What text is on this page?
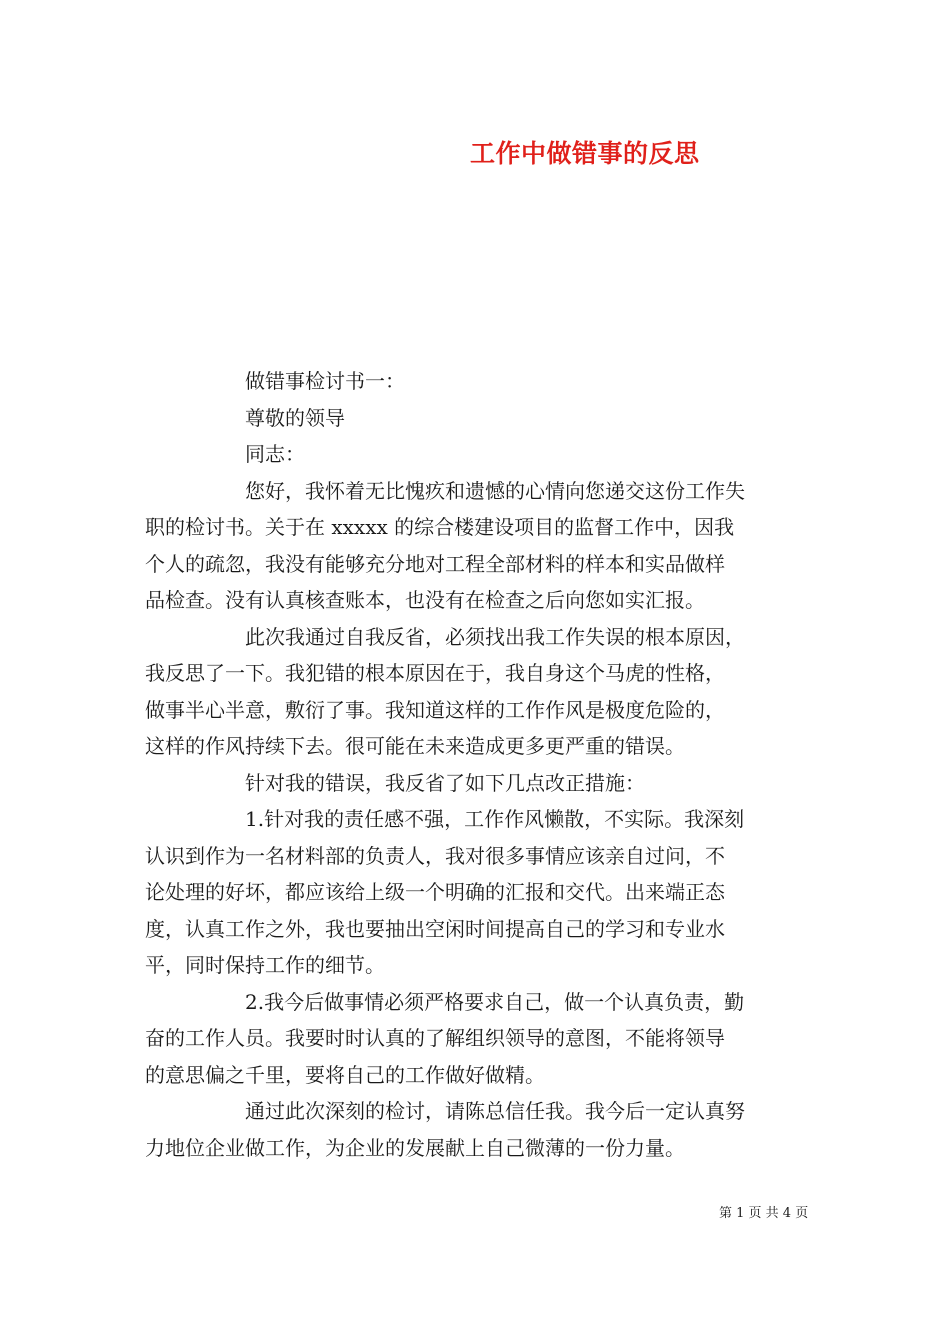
工作中做错事的反思
做错事检讨书一：
尊敬的领导
同志：
您好，我怀着无比愧疚和遗憾的心情向您递交这份工作失
职的检讨书。关于在 xxxxx 的综合楼建设项目的监督工作中，因我
个人的疏忽，我没有能够充分地对工程全部材料的样本和实品做样
品检查。没有认真核查账本，也没有在检查之后向您如实汇报。
此次我通过自我反省，必须找出我工作失误的根本原因，
我反思了一下。我犯错的根本原因在于，我自身这个马虎的性格，
做事半心半意，敷衍了事。我知道这样的工作作风是极度危险的，
这样的作风持续下去。很可能在未来造成更多更严重的错误。
针对我的错误，我反省了如下几点改正措施：
1.针对我的责任感不强，工作作风懒散，不实际。我深刻
认识到作为一名材料部的负责人，我对很多事情应该亲自过问，不
论处理的好坏，都应该给上级一个明确的汇报和交代。出来端正态
度，认真工作之外，我也要抽出空闲时间提高自己的学习和专业水
平，同时保持工作的细节。
2.我今后做事情必须严格要求自己，做一个认真负责，勤
奋的工作人员。我要时时认真的了解组织领导的意图，不能将领导
的意思偏之千里，要将自己的工作做好做精。
通过此次深刻的检讨，请陈总信任我。我今后一定认真努
力地位企业做工作，为企业的发展献上自己微薄的一份力量。
第 1 页 共 4 页
